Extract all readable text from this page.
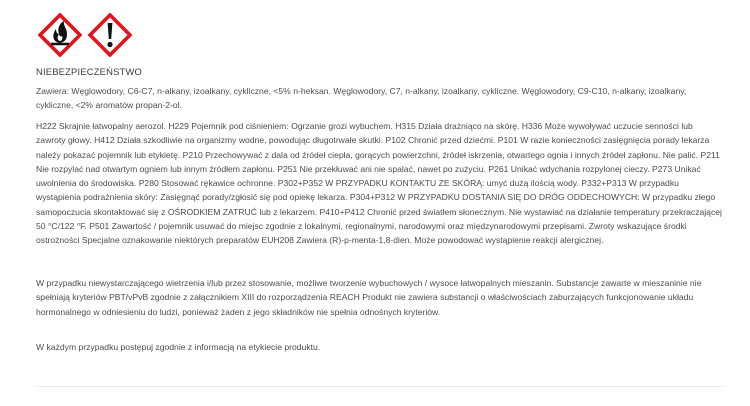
NIEBEZPIECZEŃSTWO

Zawiera: Węglowodory, C6-C7, n-alkany, izoalkany, cykliczne, <5% n-heksan. Węglowodory, C7, n-alkany, izoalkany, cykliczne. Węglowodory, C9-C10, n-alkany, izoalkany, cykliczne, <2% aromatów propan-2-ol.

H222 Skrajnie łatwopalny aerozol. H229 Pojemnik pod ciśnieniem: Ogrzanie grozi wybuchem. H315 Działa drażniąco na skórę. H336 Może wywoływać uczucie senności lub zawroty głowy. H412 Działa szkodliwie na organizmy wodne, powodując długotrwałe skutki. P102 Chronić przed dziećmi. P101 W razie konieczności zasięgnięcia porady lekarza należy pokazać pojemnik lub etykietę. P210 Przechowywać z dala od źródeł ciepła, gorących powierzchni, źródeł iskrzenia, otwartego ognia i innych źródeł zapłonu. Nie palić. P211 Nie rozpylać nad otwartym ogniem lub innym źródłem zapłonu. P251 Nie przekłuwać ani nie spalać, nawet po zużyciu. P261 Unikać wdychania rozpylonej cieczy. P273 Unikać uwolnienia do środowiska. P280 Stosować rękawice ochronne. P302+P352 W PRZYPADKU KONTAKTU ZE SKÓRĄ: umyć dużą ilością wody. P332+P313 W przypadku wystąpienia podrażnienia skóry: Zasięgnąć porady/zgłosić się pod opiekę lekarza. P304+P312 W PRZYPADKU DOSTANIA SIĘ DO DRÓG ODDECHOWYCH: W przypadku złego samopoczucia skontaktować się z OŚRODKIEM ZATRUĆ lub z lekarzem. P410+P412 Chronić przed światłem słonecznym. Nie wystawiać na działanie temperatury przekraczającej 50 °C/122 °F. P501 Zawartość / pojemnik usuwać do miejsc zgodnie z lokalnymi, regionalnymi, narodowymi oraz międzynarodowymi przepisami. Zwroty wskazujące środki ostrożności Specjalne oznakowanie niektórych preparatów EUH208 Zawiera (R)-p-menta-1,8-dien. Może powodować wystąpienie reakcji alergicznej.

W przypadku niewystarczającego wietrzenia i/lub przez stosowanie, możliwe tworzenie wybuchowych / wysoce łatwopalnych mieszanin. Substancje zawarte w mieszaninie nie spełniają kryteriów PBT/vPvB zgodnie z załącznikiem XIII do rozporządzenia REACH Produkt nie zawiera substancji o właściwościach zaburzających funkcjonowanie układu hormonalnego w odniesieniu do ludzi, ponieważ żaden z jego składników nie spełnia odnośnych kryteriów.

W każdym przypadku postępuj zgodnie z informacją na etykiecie produktu.
